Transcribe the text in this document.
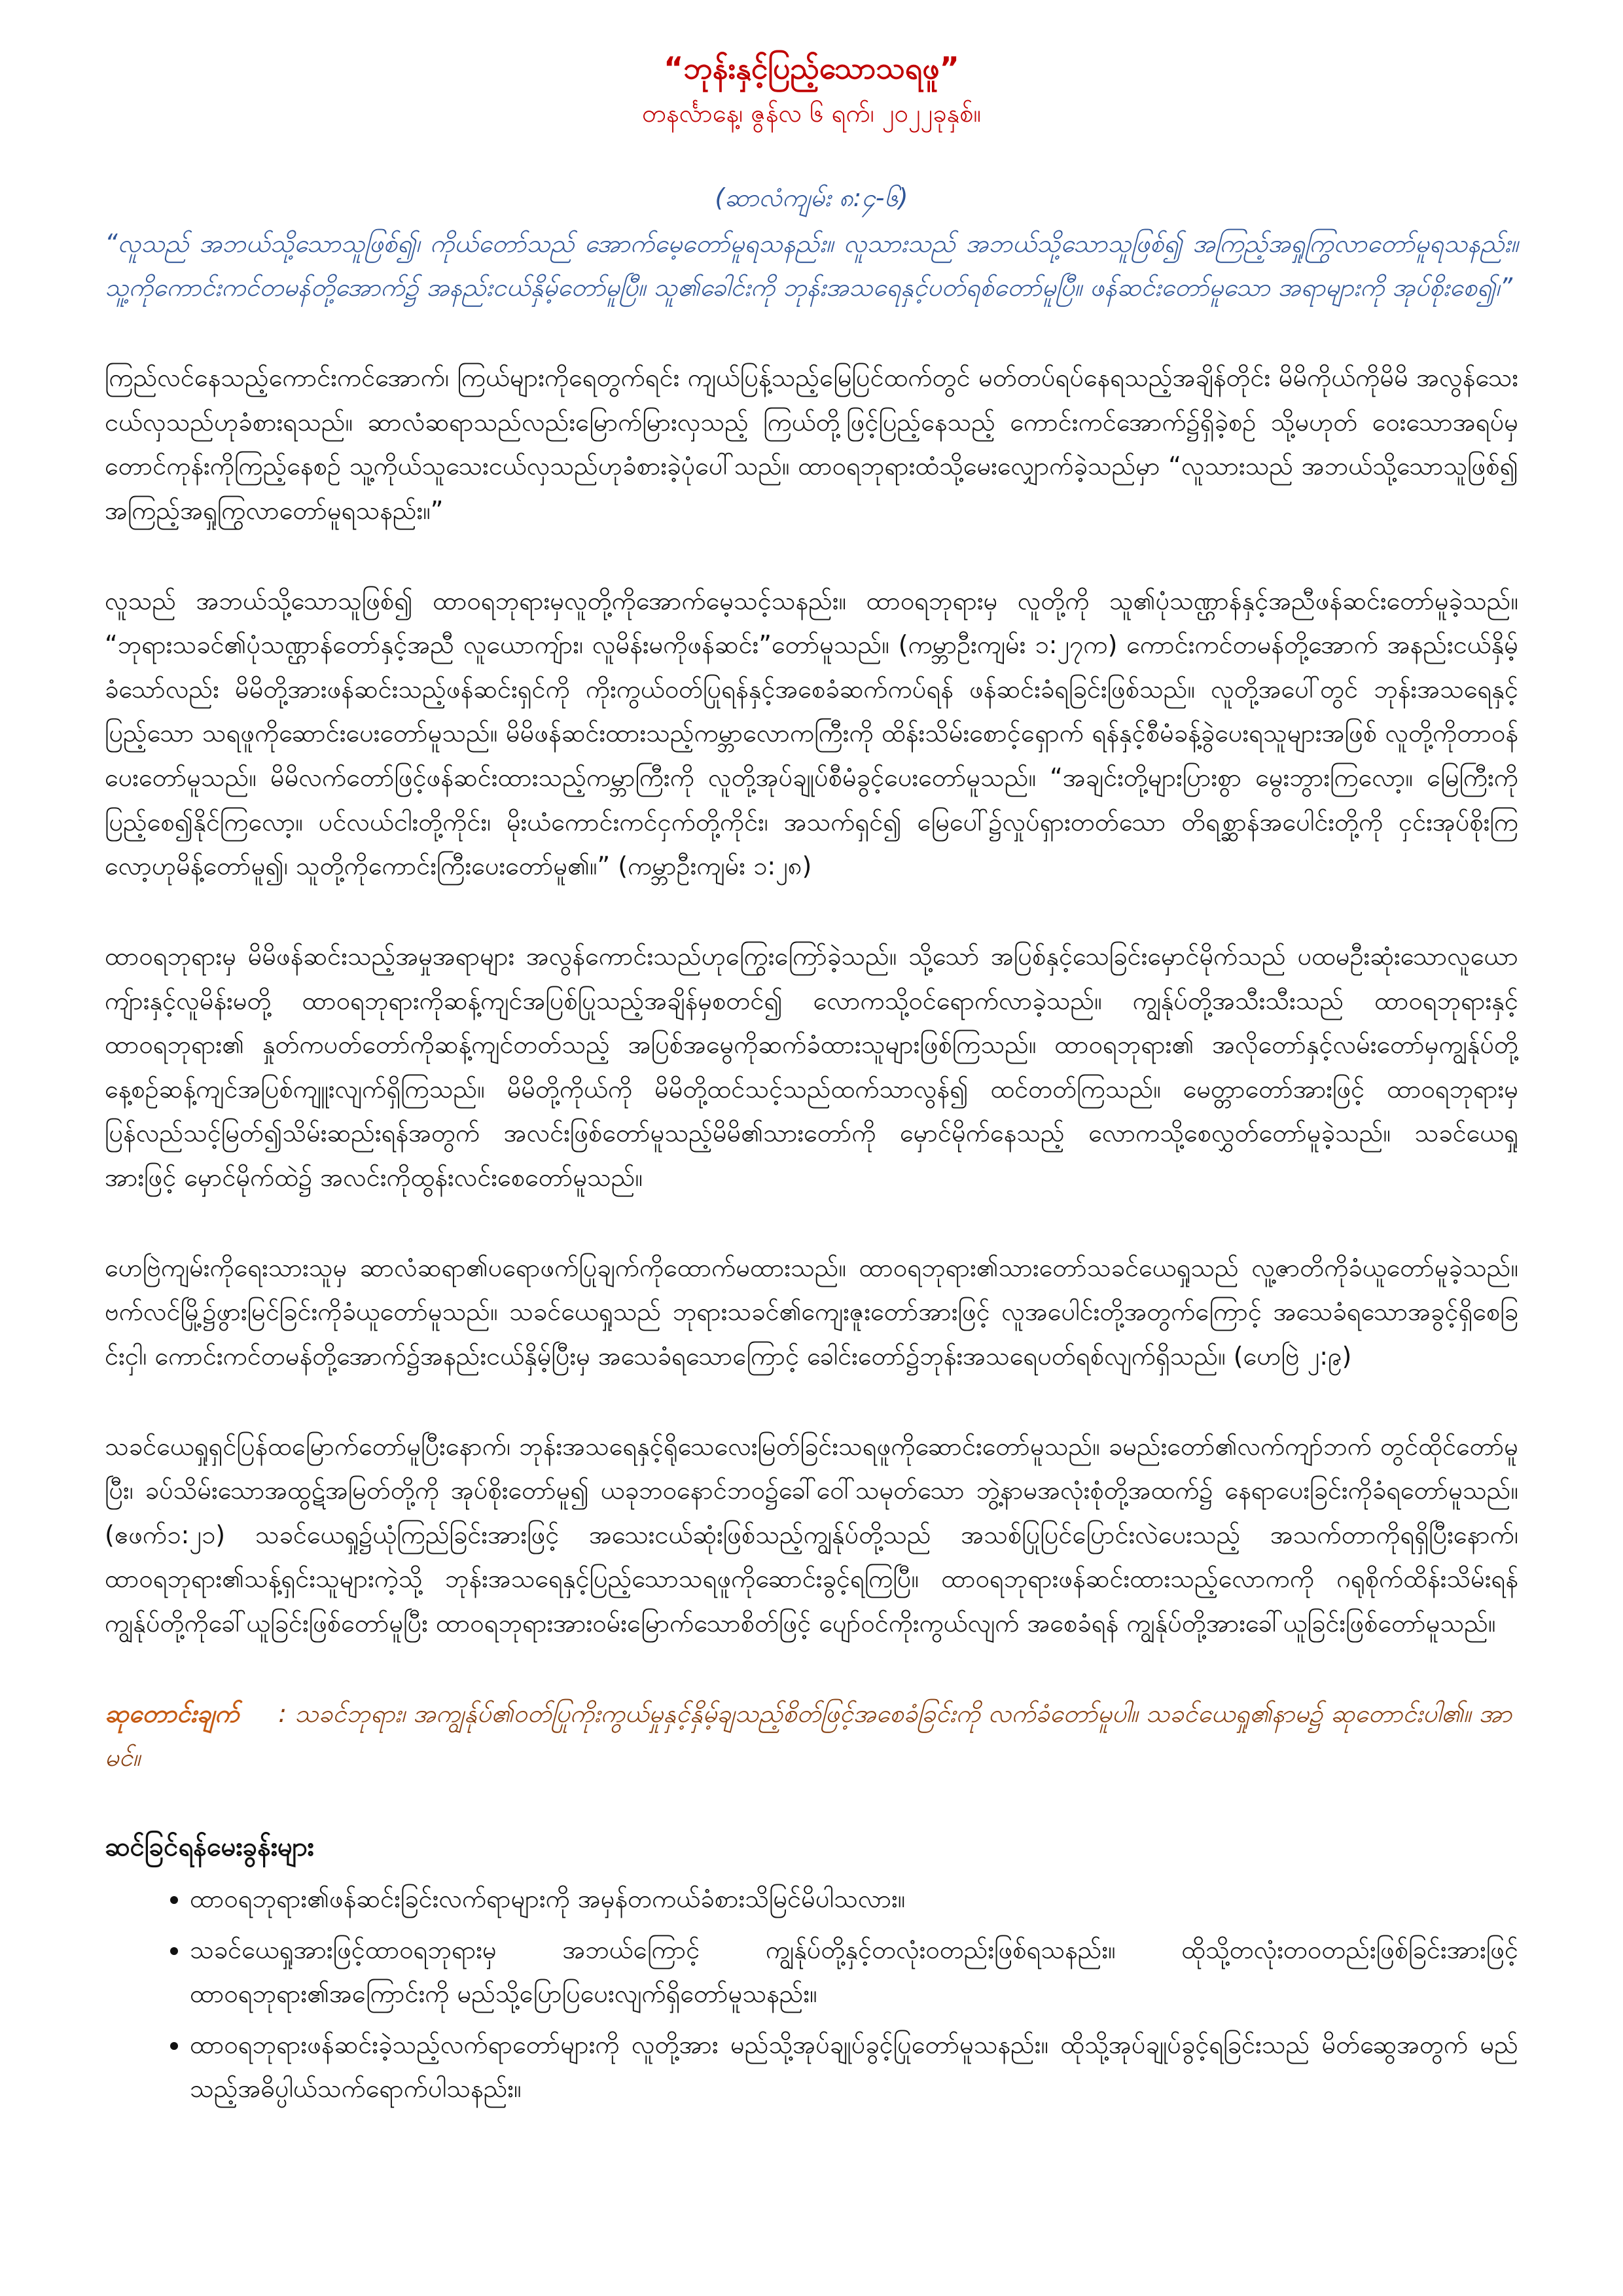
“ဘုန်းနှင့်ပြည့်သောသရဖူ”
တနင်္လာနေ့၊ ဇွန်လ ၆ ရက်၊ ၂၀၂၂ခုနှစ်။
(ဆာလံကျမ်း ၈:၄-၆)
“လူသည် အဘယ်သို့သောသူဖြစ်၍၊ ကိုယ်တော်သည် အောက်မေ့တော်မူရသနည်း။ လူသားသည် အဘယ်သို့သောသူဖြစ်၍ အကြည့်အရှုကြွလာတော်မူရသနည်း။ သူ့ကိုကောင်းကင်တမန်တို့အောက်၌ အနည်းငယ်နှိမ့်တော်မူပြီ။ သူ၏ခေါင်းကို ဘုန်းအသရေနှင့်ပတ်ရစ်တော်မူပြီ။ ဖန်ဆင်းတော်မူသော အရာများကို အုပ်စိုးစေ၍၊”

ကြည်လင်နေသည့်ကောင်းကင်အောက်၊ ကြယ်များကိုရေတွက်ရင်း ကျယ်ပြန့်သည့်မြေပြင်ထက်တွင် မတ်တပ်ရပ်နေရသည့်အချိန်တိုင်း မိမိကိုယ်ကိုမိမိ အလွန်သေးငယ်လှသည်ဟုခံစားရသည်။ ဆာလံဆရာသည်လည်းမြောက်မြားလှသည့် ကြယ်တို့ဖြင့်ပြည့်နေသည့် ကောင်းကင်အောက်၌ရှိခဲ့စဉ် သို့မဟုတ် ဝေးသောအရပ်မှတောင်ကုန်းကိုကြည့်နေစဉ် သူ့ကိုယ်သူသေးငယ်လှသည်ဟုခံစားခဲ့ပုံပေါ်သည်။ ထာဝရဘုရားထံသို့မေးလျှောက်ခဲ့သည်မှာ “လူသားသည် အဘယ်သို့သောသူဖြစ်၍ အကြည့်အရှုကြွလာတော်မူရသနည်း။”

လူသည် အဘယ်သို့သောသူဖြစ်၍ ထာဝရဘုရားမှလူတို့ကိုအောက်မေ့သင့်သနည်း။ ထာဝရဘုရားမှ လူတို့ကို သူ၏ပုံသဏ္ဌာန်နှင့်အညီဖန်ဆင်းတော်မူခဲ့သည်။ “ဘုရားသခင်၏ပုံသဏ္ဌာန်တော်နှင့်အညီ လူယောကျ်ား၊ လူမိန်းမကိုဖန်ဆင်း”တော်မူသည်။ (ကမ္ဘာဦးကျမ်း ၁:၂၇က) ကောင်းကင်တမန်တို့အောက် အနည်းငယ်နှိမ့်ခံသော်လည်း မိမိတို့အားဖန်ဆင်းသည့်ဖန်ဆင်းရှင်ကို ကိုးကွယ်ဝတ်ပြုရန်နှင့်အစေခံဆက်ကပ်ရန် ဖန်ဆင်းခံရခြင်းဖြစ်သည်။ လူတို့အပေါ်တွင် ဘုန်းအသရေနှင့်ပြည့်သော သရဖူကိုဆောင်းပေးတော်မူသည်။ မိမိဖန်ဆင်းထားသည့်ကမ္ဘာလောကကြီးကို ထိန်းသိမ်းစောင့်ရှောက် ရန်နှင့်စီမံခန့်ခွဲပေးရသူများအဖြစ် လူတို့ကိုတာဝန်ပေးတော်မူသည်။ မိမိလက်တော်ဖြင့်ဖန်ဆင်းထားသည့်ကမ္ဘာကြီးကို လူတို့အုပ်ချုပ်စီမံခွင့်ပေးတော်မူသည်။ “အချင်းတို့များပြားစွာ မွေးဘွားကြလော့။ မြေကြီးကိုပြည့်စေ၍နိုင်ကြလော့။ ပင်လယ်ငါးတို့ကိုင်း၊ မိုးယံကောင်းကင်ငှက်တို့ကိုင်း၊ အသက်ရှင်၍ မြေပေါ်၌လှုပ်ရှားတတ်သော တိရစ္ဆာန်အပေါင်းတို့ကို ငှင်းအုပ်စိုးကြလော့ဟုမိန့်တော်မူ၍၊ သူတို့ကိုကောင်းကြီးပေးတော်မူ၏။” (ကမ္ဘာဦးကျမ်း ၁:၂၈)

ထာဝရဘုရားမှ မိမိဖန်ဆင်းသည့်အမှုအရာများ အလွန်ကောင်းသည်ဟုကြွေးကြော်ခဲ့သည်။ သို့သော် အပြစ်နှင့်သေခြင်းမှောင်မိုက်သည် ပထမဦးဆုံးသောလူယောကျ်ားနှင့်လူမိန်းမတို့ ထာဝရဘုရားကိုဆန့်ကျင်အပြစ်ပြုသည့်အချိန်မှစတင်၍ လောကသို့ဝင်ရောက်လာခဲ့သည်။ ကျွန်ုပ်တို့အသီးသီးသည် ထာဝရဘုရားနှင့်ထာဝရဘုရား၏ နှုတ်ကပတ်တော်ကိုဆန့်ကျင်တတ်သည့် အပြစ်အမွေကိုဆက်ခံထားသူများဖြစ်ကြသည်။ ထာဝရဘုရား၏ အလိုတော်နှင့်လမ်းတော်မှကျွန်ုပ်တို့နေ့စဉ်ဆန့်ကျင်အပြစ်ကျူးလျက်ရှိကြသည်။ မိမိတို့ကိုယ်ကို မိမိတို့ထင်သင့်သည်ထက်သာလွန်၍ ထင်တတ်ကြသည်။ မေတ္တာတော်အားဖြင့် ထာဝရဘုရားမှပြန်လည်သင့်မြတ်၍သိမ်းဆည်းရန်အတွက် အလင်းဖြစ်တော်မူသည့်မိမိ၏သားတော်ကို မှောင်မိုက်နေသည့် လောကသို့စေလွှတ်တော်မူခဲ့သည်။ သခင်ယေရှုအားဖြင့် မှောင်မိုက်ထဲ၌ အလင်းကိုထွန်းလင်းစေတော်မူသည်။

ဟေဗြဲကျမ်းကိုရေးသားသူမှ ဆာလံဆရာ၏ပရောဖက်ပြုချက်ကိုထောက်မထားသည်။ ထာဝရဘုရား၏သားတော်သခင်ယေရှုသည် လူ့ဇာတိကိုခံယူတော်မူခဲ့သည်။ ဗက်လင်မြို့၌ဖွားမြင်ခြင်းကိုခံယူတော်မူသည်။ သခင်ယေရှုသည် ဘုရားသခင်၏ကျေးဇူးတော်အားဖြင့် လူအပေါင်းတို့အတွက်ကြောင့် အသေခံရသောအခွင့်ရှိစေခြင်းငှါ၊ ကောင်းကင်တမန်တို့အောက်၌အနည်းငယ်နှိမ့်ပြီးမှ အသေခံရသောကြောင့် ခေါင်းတော်၌ဘုန်းအသရေပတ်ရစ်လျက်ရှိသည်။ (ဟေဗြဲ ၂:၉)

သခင်ယေရှုရှင်ပြန်ထမြောက်တော်မူပြီးနောက်၊ ဘုန်းအသရေနှင့်ရိုသေလေးမြတ်ခြင်းသရဖူကိုဆောင်းတော်မူသည်။ ခမည်းတော်၏လက်ကျာ်ဘက် တွင်ထိုင်တော်မူပြီး၊ ခပ်သိမ်းသောအထွဋ်အမြတ်တို့ကို အုပ်စိုးတော်မူ၍ ယခုဘဝနောင်ဘဝ၌ခေါ်ဝေါ်သမုတ်သော ဘွဲ့နာမအလုံးစုံတို့အထက်၌ နေရာပေးခြင်းကိုခံရတော်မူသည်။ (ဧဖက်၁:၂၁) သခင်ယေရှု၌ယုံကြည်ခြင်းအားဖြင့် အသေးငယ်ဆုံးဖြစ်သည့်ကျွန်ုပ်တို့သည် အသစ်ပြုပြင်ပြောင်းလဲပေးသည့် အသက်တာကိုရရှိပြီးနောက်၊ ထာဝရဘုရား၏သန့်ရှင်းသူများကဲ့သို့ ဘုန်းအသရေနှင့်ပြည့်သောသရဖူကိုဆောင်းခွင့်ရကြပြီ။ ထာဝရဘုရားဖန်ဆင်းထားသည့်လောကကို ဂရုစိုက်ထိန်းသိမ်းရန် ကျွန်ုပ်တို့ကိုခေါ်ယူခြင်းဖြစ်တော်မူပြီး ထာဝရဘုရားအားဝမ်းမြောက်သောစိတ်ဖြင့် ပျော်ဝင်ကိုးကွယ်လျက် အစေခံရန် ကျွန်ုပ်တို့အားခေါ်ယူခြင်းဖြစ်တော်မူသည်။

ဆုတောင်းချက် : သခင်ဘုရား၊ အကျွန်ုပ်၏ဝတ်ပြုကိုးကွယ်မှုနှင့်နှိမ့်ချသည့်စိတ်ဖြင့်အစေခံခြင်းကို လက်ခံတော်မူပါ။ သခင်ယေရှု၏နာမ၌ ဆုတောင်းပါ၏။ အာမင်။

ဆင်ခြင်ရန်မေးခွန်းများ
• ထာဝရဘုရား၏ဖန်ဆင်းခြင်းလက်ရာများကို အမှန်တကယ်ခံစားသိမြင်မိပါသလား။
• သခင်ယေရှုအားဖြင့်ထာဝရဘုရားမှ အဘယ်ကြောင့် ကျွန်ုပ်တို့နှင့်တလုံးဝတည်းဖြစ်ရသနည်း။ ထိုသို့တလုံးတဝတည်းဖြစ်ခြင်းအားဖြင့် ထာဝရဘုရား၏အကြောင်းကို မည်သို့ပြောပြပေးလျက်ရှိတော်မူသနည်း။
• ထာဝရဘုရားဖန်ဆင်းခဲ့သည့်လက်ရာတော်များကို လူတို့အား မည်သို့အုပ်ချုပ်ခွင့်ပြုတော်မူသနည်း။ ထိုသို့အုပ်ချုပ်ခွင့်ရခြင်းသည် မိတ်ဆွေအတွက် မည်သည့်အဓိပ္ပါယ်သက်ရောက်ပါသနည်း။
